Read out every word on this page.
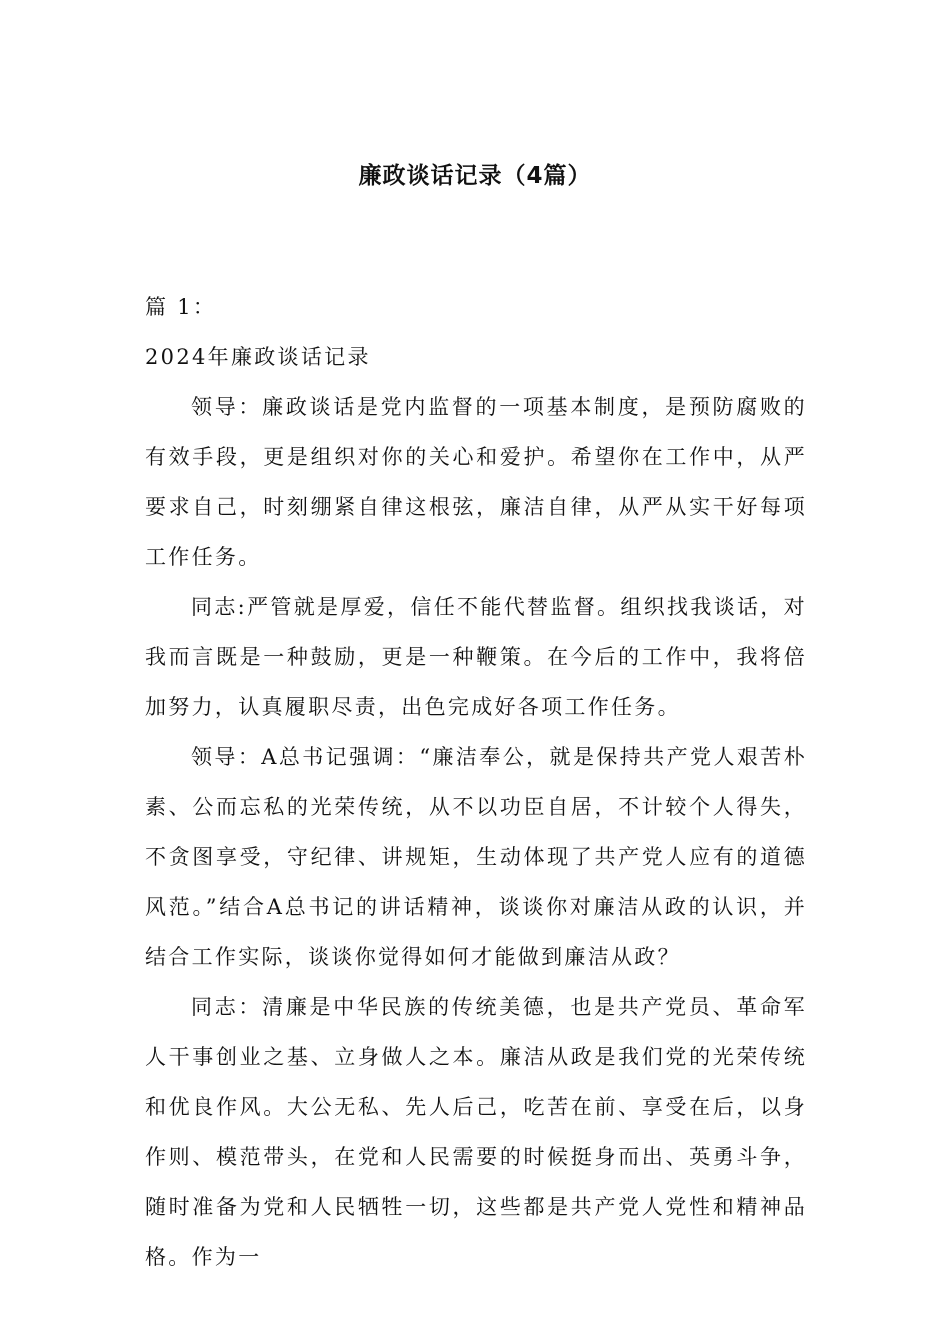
廉政谈话记录（4篇）

篇 1：

2024年廉政谈话记录

领导：廉政谈话是党内监督的一项基本制度，是预防腐败的有效手段，更是组织对你的关心和爱护。希望你在工作中，从严要求自己，时刻绷紧自律这根弦，廉洁自律，从严从实干好每项工作任务。

同志:严管就是厚爱，信任不能代替监督。组织找我谈话，对我而言既是一种鼓励，更是一种鞭策。在今后的工作中，我将倍加努力，认真履职尽责，出色完成好各项工作任务。

领导：A总书记强调：“廉洁奉公，就是保持共产党人艰苦朴素、公而忘私的光荣传统，从不以功臣自居，不计较个人得失，不贪图享受，守纪律、讲规矩，生动体现了共产党人应有的道德风范。”结合A总书记的讲话精神，谈谈你对廉洁从政的认识，并结合工作实际，谈谈你觉得如何才能做到廉洁从政？

同志：清廉是中华民族的传统美德，也是共产党员、革命军人干事创业之基、立身做人之本。廉洁从政是我们党的光荣传统和优良作风。大公无私、先人后己，吃苦在前、享受在后，以身作则、模范带头，在党和人民需要的时候挺身而出、英勇斗争，随时准备为党和人民牺牲一切，这些都是共产党人党性和精神品格。作为一
